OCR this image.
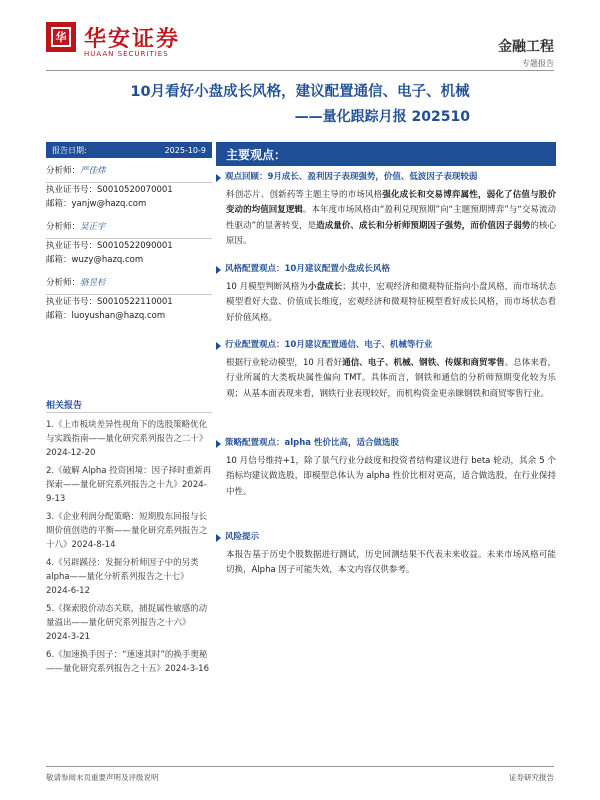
华 华安证券
HUAAN SECURITIES	金融工程
专题报告
10月看好小盘成长风格，建议配置通信、电子、机械
——量化跟踪月报 202510
报告日期:	2025-10-9
分析师：严佳炜
执业证书号：S0010520070001
邮箱：yanjw@hazq.com
分析师：吴正宇
执业证书号：S0010522090001
邮箱：wuzy@hazq.com
分析师：骆昱杉
执业证书号：S0010522110001
邮箱：luoyushan@hazq.com
相关报告
1.《上市板块差异性视角下的选股策略优化与实践指南——量化研究系列报告之二十》2024-12-20
2.《破解 Alpha 投资困境：因子择时重新再探索——量化研究系列报告之十九》2024-9-13
3.《企业利润分配策略：短期股东回报与长期价值创造的平衡——量化研究系列报告之十八》2024-8-14
4.《另辟蹊径：发掘分析师因子中的另类 alpha——量化分析系列报告之十七》2024-6-12
5.《探索股价动态关联，捕捉属性敏感的动量溢出——量化研究系列报告之十六》2024-3-21
6.《加速换手因子：“速速其时”的换手奥秘——量化研究系列报告之十五》2024-3-16
主要观点：
观点回顾：9月成长、盈利因子表现强势，价值、低波因子表现较弱

科创芯片、创新药等主题主导的市场风格强化成长和交易博弈属性，弱化了估值与股价变动的均值回复逻辑。本年度市场风格由“盈利兑现预期”向“主题预期博弈”与“交易流动性驱动”的显著转变，是造成量价、成长和分析师预期因子强势，而价值因子弱势的核心原因。

风格配置观点：10月建议配置小盘成长风格

10 月模型判断风格为小盘成长；其中，宏观经济和微观特征指向小盘风格，而市场状态模型看好大盘、价值成长维度，宏观经济和微观特征模型看好成长风格，而市场状态看好价值风格。

行业配置观点：10月建议配置通信、电子、机械等行业

根据行业轮动模型，10 月看好通信、电子、机械、钢铁、传媒和商贸零售。总体来看，行业所属的大类板块属性偏向 TMT。具体而言，钢铁和通信的分析师预期变化较为乐观；从基本面表现来看，钢铁行业表现较好，而机构资金更亲睐钢铁和商贸零售行业。

策略配置观点：alpha 性价比高，适合做选股

10 月信号维持+1，除了景气行业分歧度和投资者结构建议进行 beta 轮动，其余 5 个指标均建议做选股，即模型总体认为 alpha 性价比相对更高，适合做选股，在行业保持中性。

风险提示

本报告基于历史个股数据进行测试，历史回测结果不代表未来收益。未来市场风格可能切换，Alpha 因子可能失效，本文内容仅供参考。

敬请参阅末页重要声明及评级说明	证券研究报告
